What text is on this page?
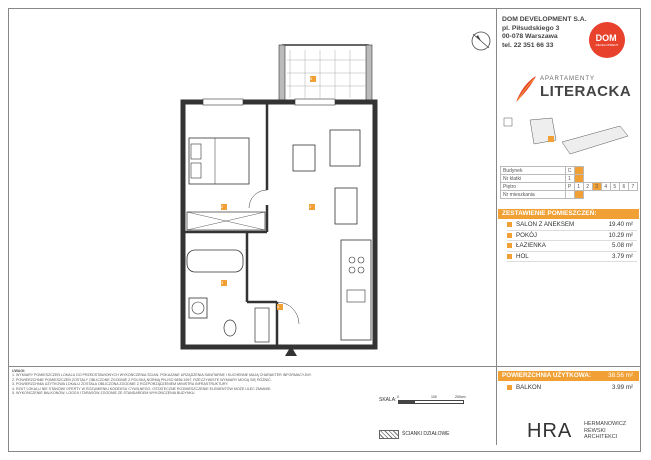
5
2	1
3
4
DOM DEVELOPMENT S.A.
pl. Piłsudskiego 3
00-078 Warszawa
tel. 22 351 66 33
DOM
DEVELOPMENT
APARTAMENTY
LITERACKA
Budynek	C							
Nr klatki	1							
Piętro	P	1	2	3	4	5	6	7
Nr mieszkania								
ZESTAWIENIE POMIESZCZEŃ:
SALON Z ANEKSEM	19.40 m²
POKÓJ	10.29 m²
ŁAZIENKA	5.08 m²
HOL	3.79 m²
POWIERZCHNIA UŻYTKOWA:	38.56 m²
BALKON	3.99 m²
UWAGI:
1. WYMIARY POMIESZCZEŃ LOKALU DO PRZEDSTAWIONYCH WYKOŃCZENIA ŚCIAN. POKAZANE URZĄDZENIA SANITARNE I KUCHENNE MAJĄ CHARAKTER INFORMACYJNY.
2. POWIERZCHNIE POMIESZCZEŃ ZOSTAŁY OBLICZONE ZGODNIE Z POLSKĄ NORMĄ PN-ISO 9836:1997. RZECZYWISTE WYMIARY MOGĄ SIĘ RÓŻNIĆ.
3. POWIERZCHNIA UŻYTKOWA LOKALU ZOSTAŁA OBLICZONA ZGODNIE Z ROZPORZĄDZENIEM MINISTRA INFRASTRUKTURY.
4. RZUT LOKALU NIE STANOWI OFERTY W ROZUMIENIU KODEKSU CYWILNEGO. OSTATECZNE ROZMIESZCZENIE ELEMENTÓW MOŻE ULEC ZMIANIE.
5. WYKOŃCZENIE BALKONÓW, LOGGII I TARASÓW ZGODNIE ZE STANDARDEM WYKOŃCZENIA BUDYNKU.
SKALA: 0	100	200cm
ŚCIANKI DZIAŁOWE	HRA HERMANOWICZ
RÉWSKI
ARCHITEKCI
